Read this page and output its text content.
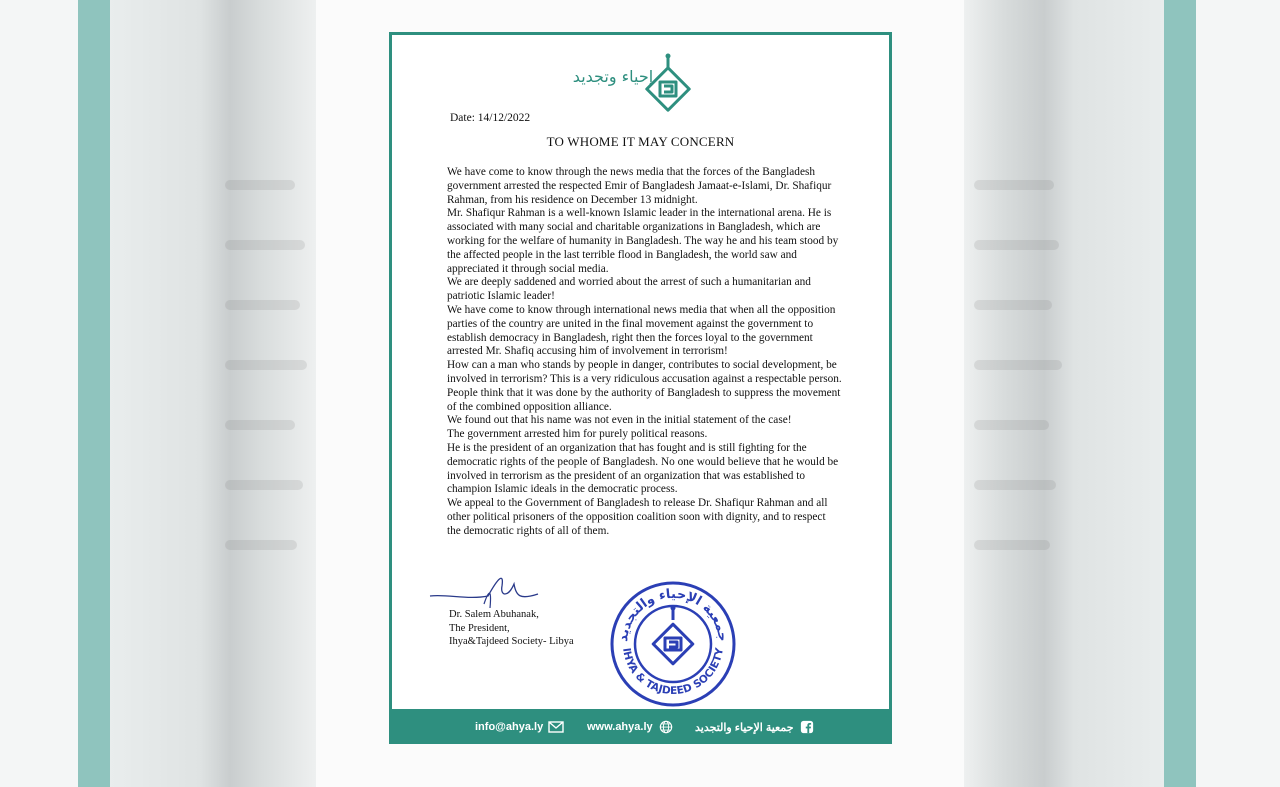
إحياء وتجديد
Date: 14/12/2022
TO WHOME IT MAY CONCERN

We have come to know through the news media that the forces of the Bangladesh government arrested the respected Emir of Bangladesh Jamaat-e-Islami, Dr. Shafiqur Rahman, from his residence on December 13 midnight.

Mr. Shafiqur Rahman is a well-known Islamic leader in the international arena. He is associated with many social and charitable organizations in Bangladesh, which are working for the welfare of humanity in Bangladesh. The way he and his team stood by the affected people in the last terrible flood in Bangladesh, the world saw and appreciated it through social media.

We are deeply saddened and worried about the arrest of such a humanitarian and patriotic Islamic leader!

We have come to know through international news media that when all the opposition parties of the country are united in the final movement against the government to establish democracy in Bangladesh, right then the forces loyal to the government arrested Mr. Shafiq accusing him of involvement in terrorism!

How can a man who stands by people in danger, contributes to social development, be involved in terrorism? This is a very ridiculous accusation against a respectable person.

People think that it was done by the authority of Bangladesh to suppress the movement of the combined opposition alliance.

We found out that his name was not even in the initial statement of the case!

The government arrested him for purely political reasons.

He is the president of an organization that has fought and is still fighting for the democratic rights of the people of Bangladesh. No one would believe that he would be involved in terrorism as the president of an organization that was established to champion Islamic ideals in the democratic process.

We appeal to the Government of Bangladesh to release Dr. Shafiqur Rahman and all other political prisoners of the opposition coalition soon with dignity, and to respect the democratic rights of all of them.

Dr. Salem Abuhanak,
The President,
Ihya&Tajdeed Society- Libya	جمعية الإحياء والتجديد
IHYA & TAJDEED SOCIETY
info@ahya.ly	www.ahya.ly	جمعية الإحياء والتجديد
